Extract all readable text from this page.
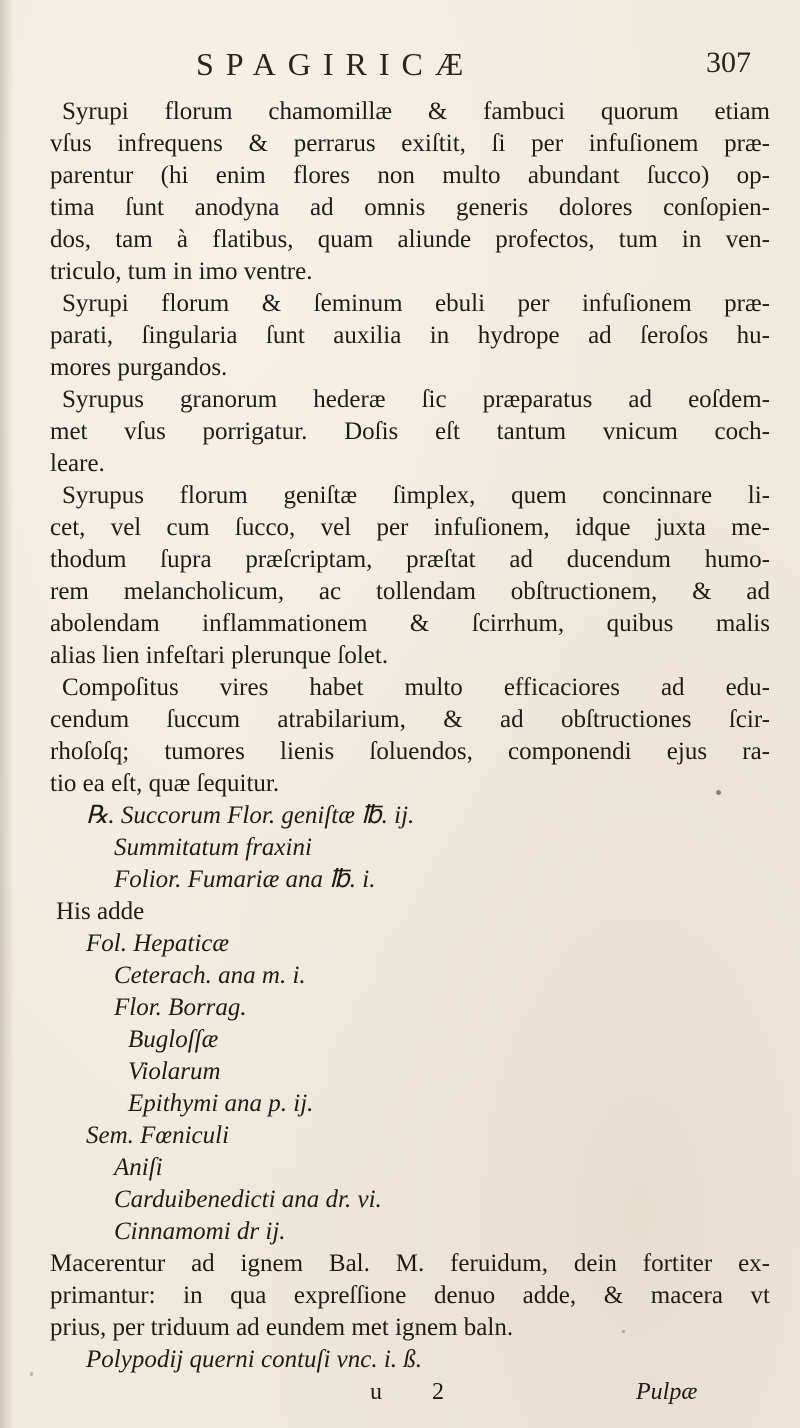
SPAGIRICÆ	307
Syrupi florum chamomillæ & fambuci quorum etiam
vſus infrequens & perrarus exiſtit, ſi per infuſionem præ-
parentur (hi enim flores non multo abundant ſucco) op-
tima ſunt anodyna ad omnis generis dolores conſopien-
dos, tam à flatibus, quam aliunde profectos, tum in ven-
triculo, tum in imo ventre.
Syrupi florum & ſeminum ebuli per infuſionem præ-
parati, ſingularia ſunt auxilia in hydrope ad ſeroſos hu-
mores purgandos.
Syrupus granorum hederæ ſic præparatus ad eoſdem-
met vſus porrigatur. Doſis eſt tantum vnicum coch-
leare.
Syrupus florum geniſtæ ſimplex, quem concinnare li-
cet, vel cum ſucco, vel per infuſionem, idque juxta me-
thodum ſupra præſcriptam, præſtat ad ducendum humo-
rem melancholicum, ac tollendam obſtructionem, & ad
abolendam inflammationem & ſcirrhum, quibus malis
alias lien infeſtari plerunque ſolet.
Compoſitus vires habet multo efficaciores ad edu-
cendum ſuccum atrabilarium, & ad obſtructiones ſcir-
rhoſoſq; tumores lienis ſoluendos, componendi ejus ra-
tio ea eſt, quæ ſequitur.
℞. Succorum Flor. geniſtæ ℔. ij.
Summitatum fraxini
Folior. Fumariæ ana ℔. i.
His adde
Fol. Hepaticæ
Ceterach. ana m. i.
Flor. Borrag.
Bugloſſæ
Violarum
Epithymi ana p. ij.
Sem. Fœniculi
Aniſi
Carduibenedicti ana dr. vi.
Cinnamomi dr ij.
Macerentur ad ignem Bal. M. feruidum, dein fortiter ex-
primantur: in qua expreſſione denuo adde, & macera vt
prius, per triduum ad eundem met ignem baln.
Polypodij querni contuſi vnc. i. ß.
u 2	Pulpæ
